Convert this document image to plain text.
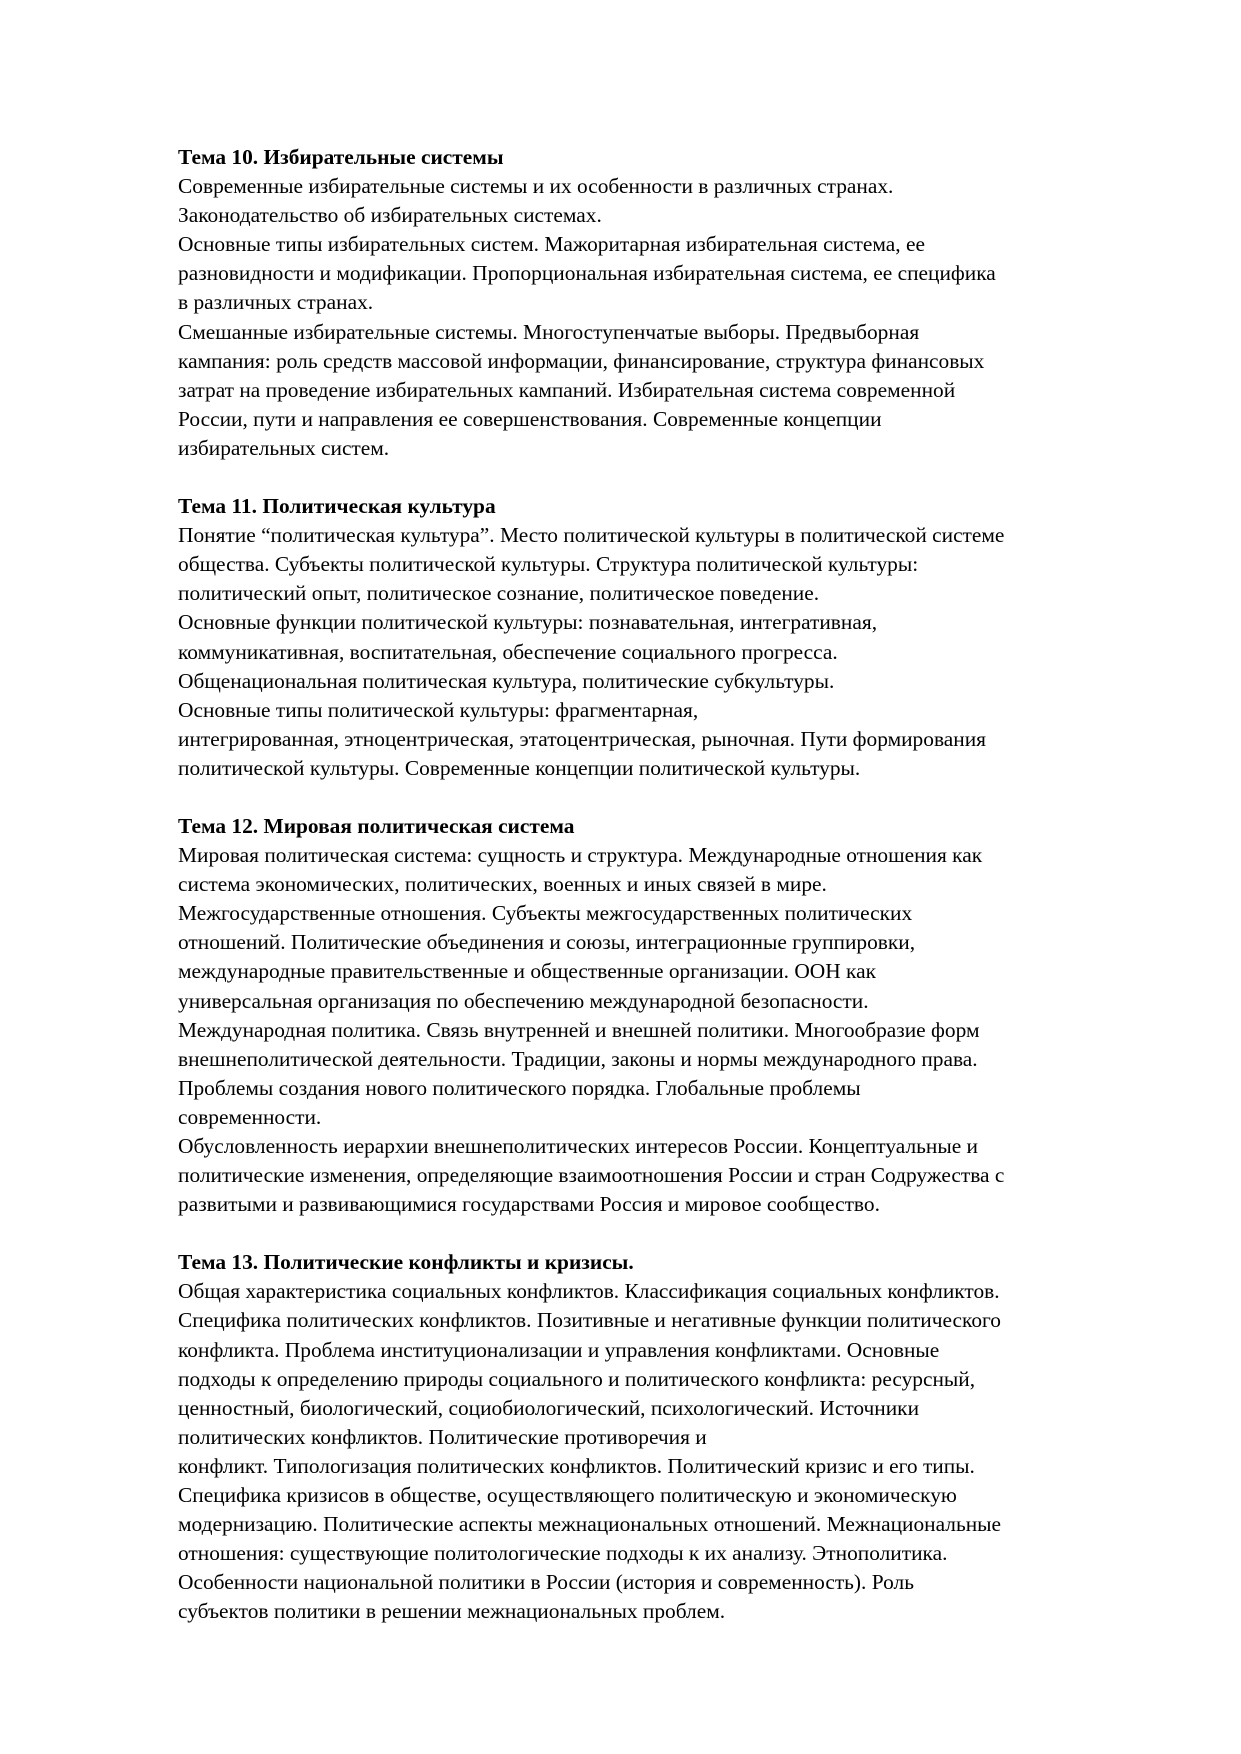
Тема 10. Избирательные системы
Современные избирательные системы и их особенности в различных странах.
Законодательство об избирательных системах.
Основные типы избирательных систем. Мажоритарная избирательная система, ее
разновидности и модификации. Пропорциональная избирательная система, ее специфика
в различных странах.
Смешанные избирательные системы. Многоступенчатые выборы. Предвыборная
кампания: роль средств массовой информации, финансирование, структура финансовых
затрат на проведение избирательных кампаний. Избирательная система современной
России, пути и направления ее совершенствования. Современные концепции
избирательных систем.
Тема 11. Политическая культура
Понятие “политическая культура”. Место политической культуры в политической системе
общества. Субъекты политической культуры. Структура политической культуры:
политический опыт, политическое сознание, политическое поведение.
Основные функции политической культуры: познавательная, интегративная,
коммуникативная, воспитательная, обеспечение социального прогресса.
Общенациональная политическая культура, политические субкультуры.
Основные типы политической культуры: фрагментарная,
интегрированная, этноцентрическая, этатоцентрическая, рыночная. Пути формирования
политической культуры. Современные концепции политической культуры.
Тема 12. Мировая политическая система
Мировая политическая система: сущность и структура. Международные отношения как
система экономических, политических, военных и иных связей в мире.
Межгосударственные отношения. Субъекты межгосударственных политических
отношений. Политические объединения и союзы, интеграционные группировки,
международные правительственные и общественные организации. ООН как
универсальная организация по обеспечению международной безопасности.
Международная политика. Связь внутренней и внешней политики. Многообразие форм
внешнеполитической деятельности. Традиции, законы и нормы международного права.
Проблемы создания нового политического порядка. Глобальные проблемы
современности.
Обусловленность иерархии внешнеполитических интересов России. Концептуальные и
политические изменения, определяющие взаимоотношения России и стран Содружества с
развитыми и развивающимися государствами Россия и мировое сообщество.
Тема 13. Политические конфликты и кризисы.
Общая характеристика социальных конфликтов. Классификация социальных конфликтов.
Специфика политических конфликтов. Позитивные и негативные функции политического
конфликта. Проблема институционализации и управления конфликтами. Основные
подходы к определению природы социального и политического конфликта: ресурсный,
ценностный, биологический, социобиологический, психологический. Источники
политических конфликтов. Политические противоречия и
конфликт. Типологизация политических конфликтов. Политический кризис и его типы.
Специфика кризисов в обществе, осуществляющего политическую и экономическую
модернизацию. Политические аспекты межнациональных отношений. Межнациональные
отношения: существующие политологические подходы к их анализу. Этнополитика.
Особенности национальной политики в России (история и современность). Роль
субъектов политики в решении межнациональных проблем.
